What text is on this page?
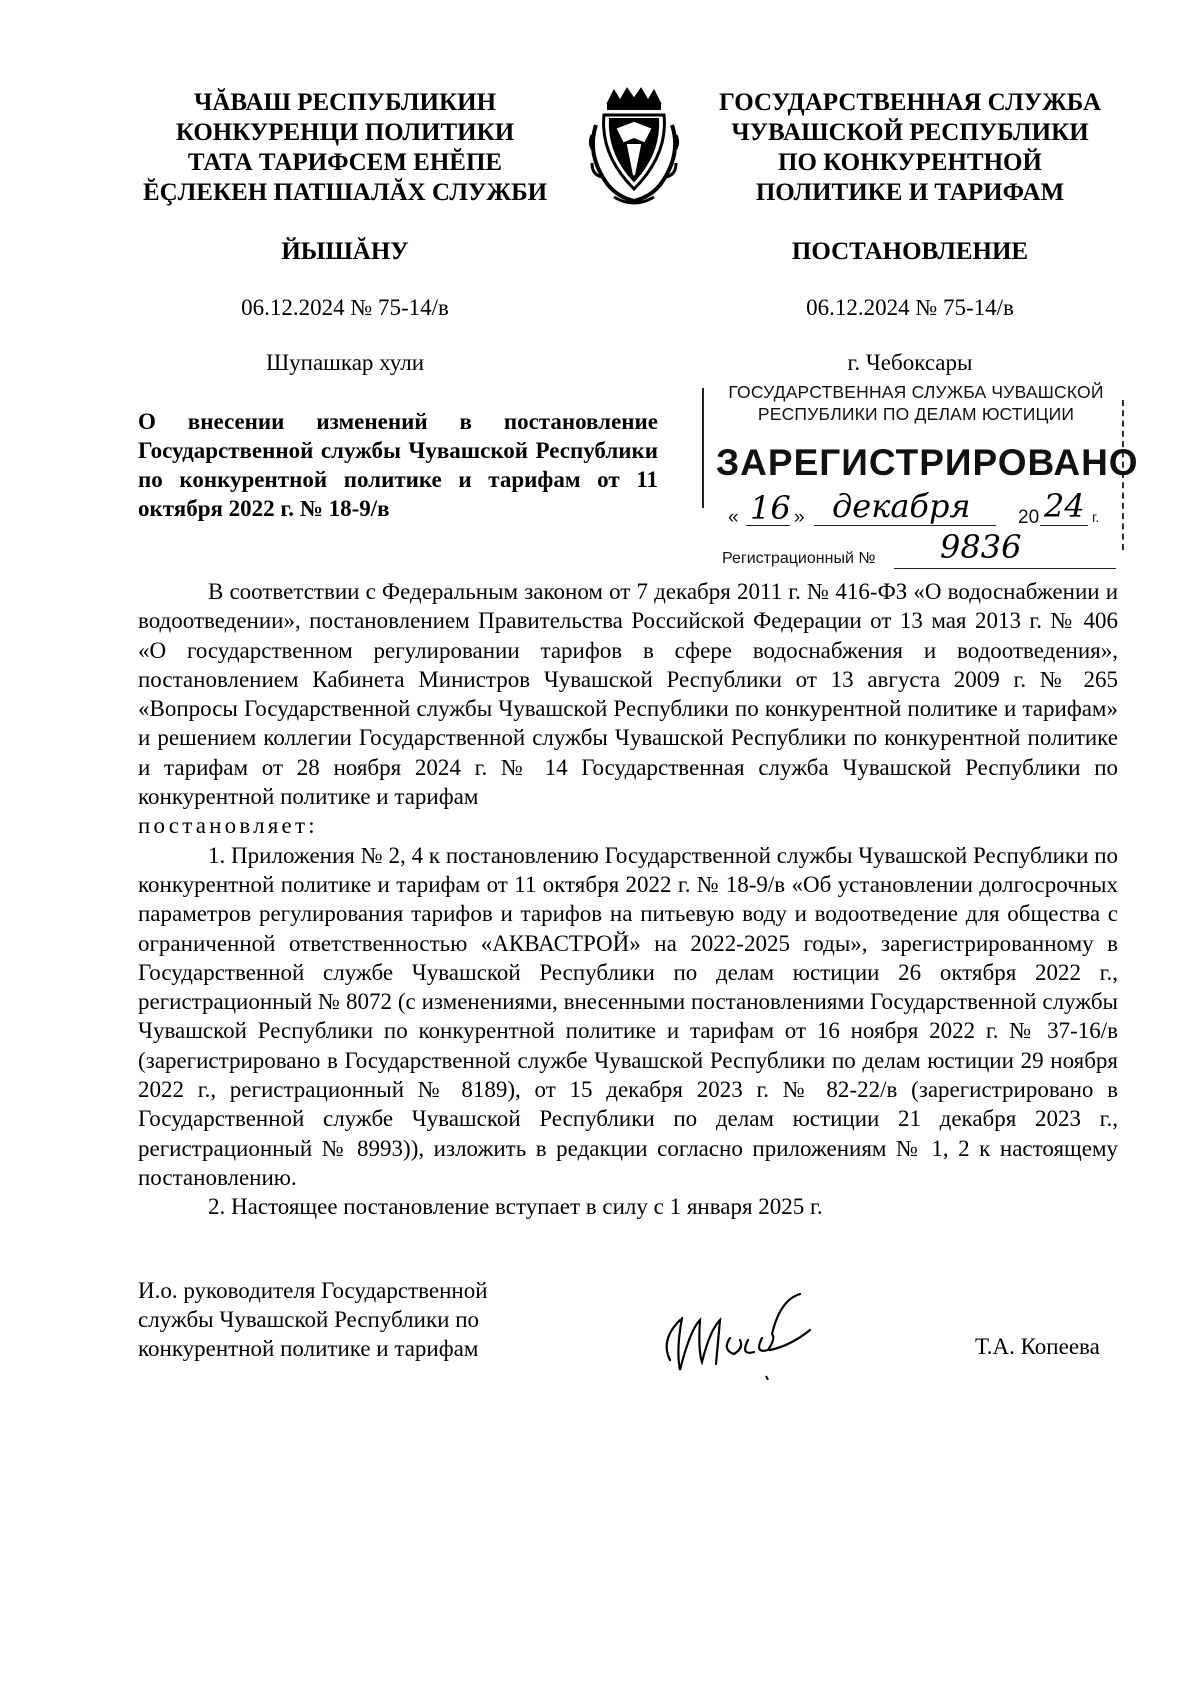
ЧĂВАШ РЕСПУБЛИКИН
КОНКУРЕНЦИ ПОЛИТИКИ
ТАТА ТАРИФСЕМ ЕНĔПЕ
ĔÇЛЕКЕН ПАТШАЛĂХ СЛУЖБИ
ГОСУДАРСТВЕННАЯ СЛУЖБА
ЧУВАШСКОЙ РЕСПУБЛИКИ
ПО КОНКУРЕНТНОЙ
ПОЛИТИКЕ И ТАРИФАМ
ЙЫШĂНУ	ПОСТАНОВЛЕНИЕ
06.12.2024 № 75-14/в	06.12.2024 № 75-14/в
Шупашкар хули	г. Чебоксары
О внесении изменений в постановление Государственной службы Чувашской Республики по конкурентной политике и тарифам от 11 октября 2022 г. № 18-9/в
ГОСУДАРСТВЕННАЯ СЛУЖБА ЧУВАШСКОЙ
РЕСПУБЛИКИ ПО ДЕЛАМ ЮСТИЦИИ
ЗАРЕГИСТРИРОВАНО
« 16 » декабря 20 24 г.
Регистрационный № 9836

В соответствии с Федеральным законом от 7 декабря 2011 г. № 416-ФЗ «О водоснабжении и водоотведении», постановлением Правительства Российской Федерации от 13 мая 2013 г. № 406 «О государственном регулировании тарифов в сфере водоснабжения и водоотведения», постановлением Кабинета Министров Чувашской Республики от 13 августа 2009 г. № 265 «Вопросы Государственной службы Чувашской Республики по конкурентной политике и тарифам» и решением коллегии Государственной службы Чувашской Республики по конкурентной политике и тарифам от 28 ноября 2024 г. № 14 Государственная служба Чувашской Республики по конкурентной политике и тарифам

постановляет:

1. Приложения № 2, 4 к постановлению Государственной службы Чувашской Республики по конкурентной политике и тарифам от 11 октября 2022 г. № 18-9/в «Об установлении долгосрочных параметров регулирования тарифов и тарифов на питьевую воду и водоотведение для общества с ограниченной ответственностью «АКВАСТРОЙ» на 2022-2025 годы», зарегистрированному в Государственной службе Чувашской Республики по делам юстиции 26 октября 2022 г., регистрационный № 8072 (с изменениями, внесенными постановлениями Государственной службы Чувашской Республики по конкурентной политике и тарифам от 16 ноября 2022 г. № 37-16/в (зарегистрировано в Государственной службе Чувашской Республики по делам юстиции 29 ноября 2022 г., регистрационный № 8189), от 15 декабря 2023 г. № 82-22/в (зарегистрировано в Государственной службе Чувашской Республики по делам юстиции 21 декабря 2023 г., регистрационный № 8993)), изложить в редакции согласно приложениям № 1, 2 к настоящему постановлению.

2. Настоящее постановление вступает в силу с 1 января 2025 г.

И.о. руководителя Государственной
службы Чувашской Республики по
конкурентной политике и тарифам	Т.А. Копеева
